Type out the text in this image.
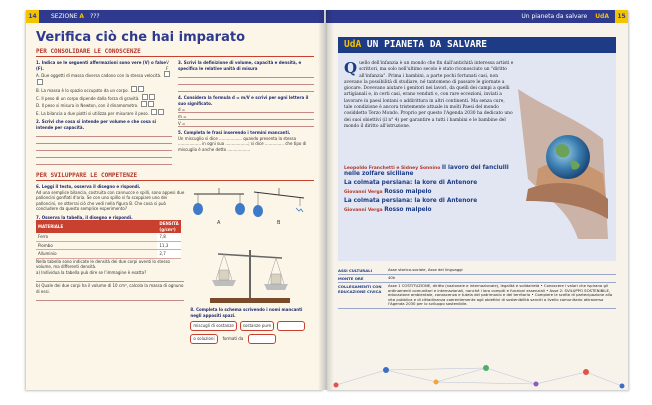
14	SEZIONE A ???
Verifica ciò che hai imparato
PER CONSOLIDARE LE CONOSCENZE
1. Indica se le seguenti affermazioni sono vere (V) o false (F).
V F
A. Due oggetti di massa diversa cadono con la stessa velocità.
B. La massa è lo spazio occupato da un corpo.
C. Il peso di un corpo dipende dalla forza di gravità.
D. Il peso si misura in Newton, con il dinamometro.
E. La bilancia a due piatti si utilizza per misurare il peso.
2. Scrivi che cosa si intende per volume e che cosa si intende per capacità.
3. Scrivi la definizione di volume, capacità e densità, e specifica le relative unità di misura
4. Considera la formula d = m/V e scrivi per ogni lettera il suo significato.
d =
m =
V =
5. Completa le frasi inserendo i termini mancanti.
Un miscuglio si dice .................. quando presenta la stessa .................. in ogni sua ..................; si dice ............... che tipo di miscuglio è anche detto ..................
PER SVILUPPARE LE COMPETENZE
6. Leggi il testo, osserva il disegno e rispondi.
Ad una semplice bilancia, costruita con cannucce e spilli, sono appesi due palloncini gonfiati d'aria. Se con uno spillo si fa scoppiare uno dei palloncini, ne otterrai ciò che vedi nella figura B. Che cosa si può concludere da questo semplice esperimento?
7. Osserva la tabella, il disegno e rispondi.
MATERIALE	DENSITÀ (g/cm³)
Ferro	7,8
Piombo	11,3
Alluminio	2,7
Nella tabella sono indicate le densità dei due corpi aventi lo stesso volume, ma differenti densità.
a) Individua la tabella può dire se l'immagine è esatta?
b) Quale dei due corpi ha il volume di 10 cm³, calcola la massa di ognuno di essi.
A	B

8. Completa lo schema scrivendo i nomi mancanti negli appositi spazi.
miscugli di sostanze	sostanze pure
o soluzioni	formati da
Un pianeta da salvare UdA 15
UdA UN PIANETA DA SALVARE
Quello dell'infanzia è un mondo che fin dall'antichità interessa artisti e scrittori, ma solo nell'ultimo secolo è stato riconosciuto un "diritto all'infanzia". Prima i bambini, a parte pochi fortunati casi, non avevano la possibilità di studiare, né tantomeno di passare le giornate a giocare. Dovevano aiutare i genitori nei lavori, da quelli dei campi a quelli artigianali e, in certi casi, erano venduti o, con rare eccezioni, inviati a lavorare in paesi lontani o addirittura in altri continenti. Ma senza cure, tale condizione è ancora tristemente attuale in molti Paesi del mondo cosiddetto Terzo Mondo. Proprio per questo l'Agenda 2030 ha dedicato uno dei suoi obiettivi (il n° 4) per garantire a tutti i bambini e le bambine del mondo il diritto all'istruzione.
Leopoldo Franchetti e Sidney Sonnino Il lavoro dei fanciulli nelle zolfare siciliane
La colmata persiana: la kore di Antenore
Giovanni Verga Rosso malpelo
La colmata persiana: la kore di Antenore
Giovanni Verga Rosso malpelo
ASSI CULTURALI	Asse storico-sociale, Asse dei linguaggi
MONTE ORE	40h
COLLEGAMENTI CON EDUCAZIONE CIVICA
Asse 1 COSTITUZIONE, diritto (nazionale e internazionale), legalità e solidarietà • Conoscere i valori che ispirano gli ordinamenti comunitari e internazionali, nonché i loro compiti e funzioni essenziali • Asse 2: SVILUPPO SOSTENIBILE, educazione ambientale, conoscenza e tutela del patrimonio e del territorio • Compiere le scelte di partecipazione alla vita pubblica e di cittadinanza coerentemente agli obiettivi di sostenibilità sanciti a livello comunitario attraverso l'Agenda 2030 per lo sviluppo sostenibile.
